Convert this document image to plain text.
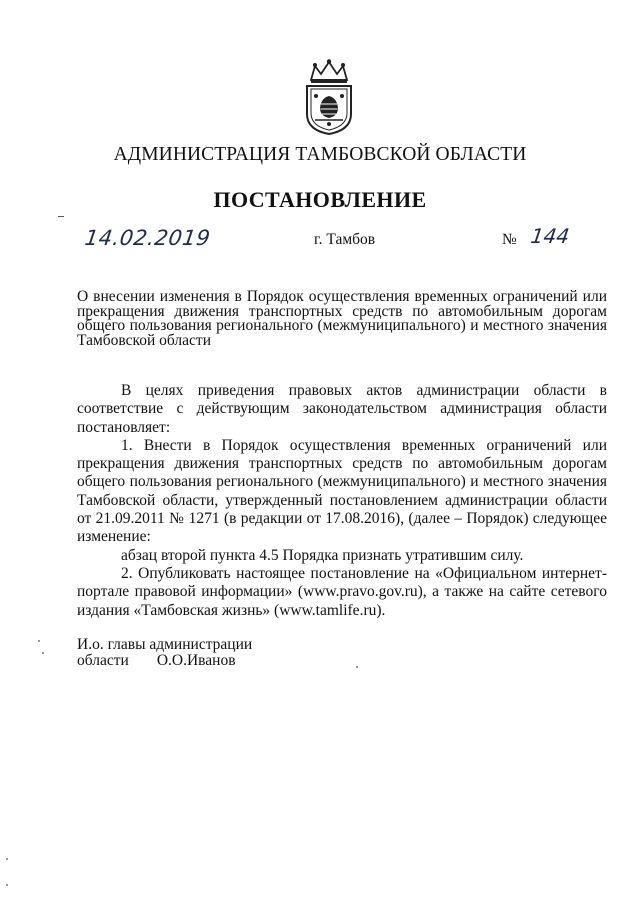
АДМИНИСТРАЦИЯ ТАМБОВСКОЙ ОБЛАСТИ
ПОСТАНОВЛЕНИЕ
14.02.2019	г. Тамбов	№ 144
О внесении изменения в Порядок осуществления временных ограничений или прекращения движения транспортных средств по автомобильным дорогам общего пользования регионального (межмуниципального) и местного значения Тамбовской области

В целях приведения правовых актов администрации области в соответствие с действующим законодательством администрация области постановляет:

1. Внести в Порядок осуществления временных ограничений или прекращения движения транспортных средств по автомобильным дорогам общего пользования регионального (межмуниципального) и местного значения Тамбовской области, утвержденный постановлением администрации области от 21.09.2011 № 1271 (в редакции от 17.08.2016), (далее – Порядок) следующее изменение:

абзац второй пункта 4.5 Порядка признать утратившим силу.

2. Опубликовать настоящее постановление на «Официальном интернет-портале правовой информации» (www.pravo.gov.ru), а также на сайте сетевого издания «Тамбовская жизнь» (www.tamlife.ru).

И.о. главы администрации
области О.О.Иванов
